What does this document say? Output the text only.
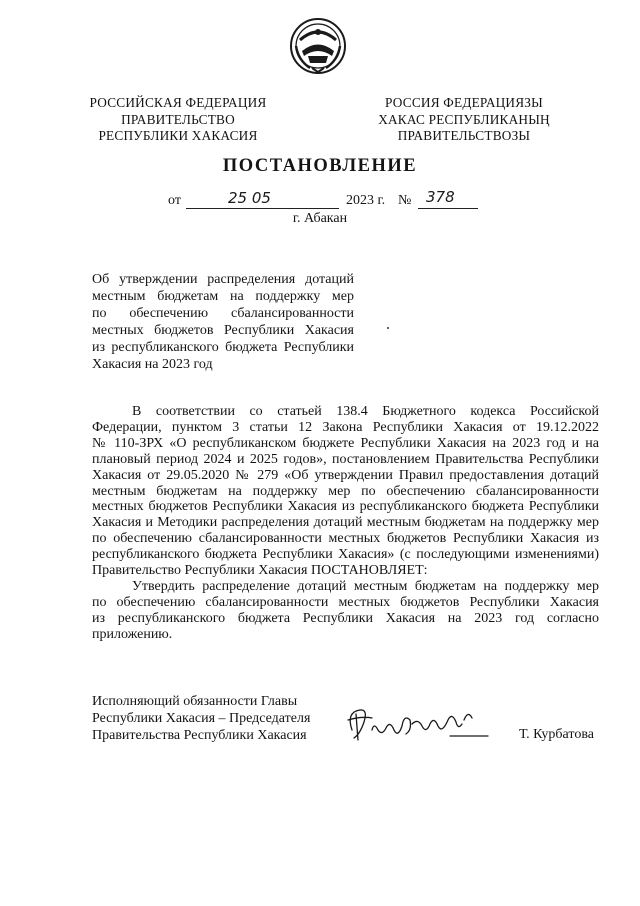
РОССИЙСКАЯ ФЕДЕРАЦИЯ
ПРАВИТЕЛЬСТВО
РЕСПУБЛИКИ ХАКАСИЯ
РОССИЯ ФЕДЕРАЦИЯЗЫ
ХАКАС РЕСПУБЛИКАНЫҢ
ПРАВИТЕЛЬСТВОЗЫ
ПОСТАНОВЛЕНИЕ
от	25 05	2023 г. № 378
г. Абакан
Об утверждении распределения дотаций
местным бюджетам на поддержку мер
по обеспечению сбалансированности
местных бюджетов Республики Хакасия
из республиканского бюджета Республики
Хакасия на 2023 год
В соответствии со статьей 138.4 Бюджетного кодекса Российской
Федерации, пунктом 3 статьи 12 Закона Республики Хакасия от 19.12.2022
№ 110-ЗРХ «О республиканском бюджете Республики Хакасия на 2023 год и на
плановый период 2024 и 2025 годов», постановлением Правительства Республики
Хакасия от 29.05.2020 № 279 «Об утверждении Правил предоставления дотаций
местным бюджетам на поддержку мер по обеспечению сбалансированности
местных бюджетов Республики Хакасия из республиканского бюджета Республики
Хакасия и Методики распределения дотаций местным бюджетам на поддержку мер
по обеспечению сбалансированности местных бюджетов Республики Хакасия из
республиканского бюджета Республики Хакасия» (с последующими изменениями)
Правительство Республики Хакасия ПОСТАНОВЛЯЕТ:
Утвердить распределение дотаций местным бюджетам на поддержку мер
по обеспечению сбалансированности местных бюджетов Республики Хакасия
из республиканского бюджета Республики Хакасия на 2023 год согласно
приложению.
Исполняющий обязанности Главы
Республики Хакасия – Председателя
Правительства Республики Хакасия	Т. Курбатова
